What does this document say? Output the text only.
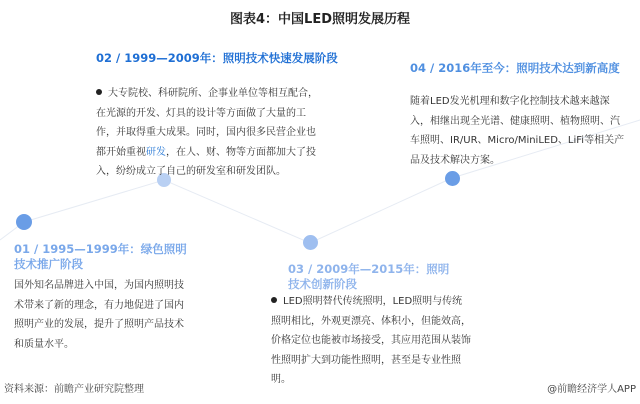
图表4：中国LED照明发展历程
02 / 1999—2009年：照明技术快速发展阶段
大专院校、科研院所、企事业单位等相互配合，在光源的开发、灯具的设计等方面做了大量的工作，并取得重大成果。同时，国内很多民营企业也都开始重视研发，在人、财、物等方面都加大了投入，纷纷成立了自己的研发室和研发团队。
04 / 2016年至今：照明技术达到新高度
随着LED发光机理和数字化控制技术越来越深入，相继出现全光谱、健康照明、植物照明、汽车照明、IR/UR、Micro/MiniLED、LiFi等相关产品及技术解决方案。
01 / 1995—1999年：绿色照明技术推广阶段
国外知名品牌进入中国，为国内照明技术带来了新的理念，有力地促进了国内照明产业的发展，提升了照明产品技术和质量水平。
03 / 2009年—2015年：照明技术创新阶段
LED照明替代传统照明，LED照明与传统照明相比，外观更漂亮、体积小，但能效高，价格定位也能被市场接受，其应用范围从装饰性照明扩大到功能性照明，甚至是专业性照明。
资料来源：前瞻产业研究院整理	@前瞻经济学人APP
